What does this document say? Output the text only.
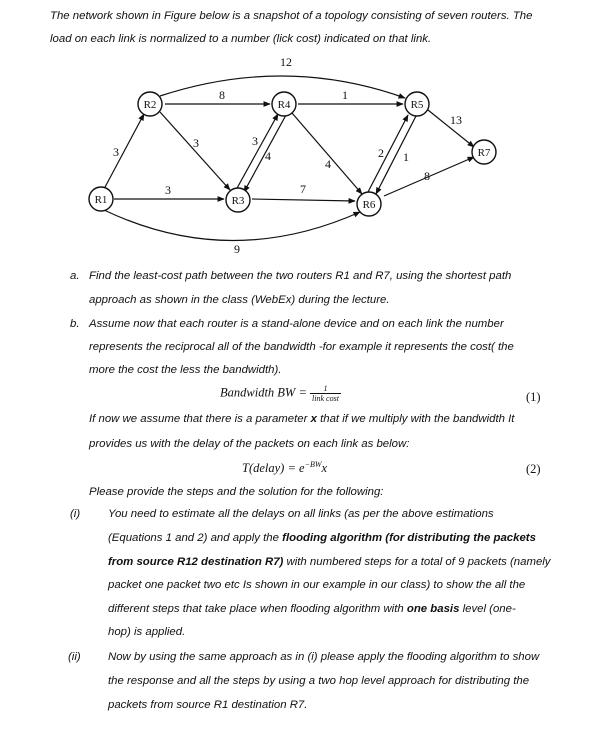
The network shown in Figure below is a snapshot of a topology consisting of seven routers. The
load on each link is normalized to a number (lick cost) indicated on that link.
R1
R2
R3
R4	R5
R6
R7
12
8	1
13
3
3	3
4
4
2 1
8
3	7
9
a. Find the least-cost path between the two routers R1 and R7, using the shortest path
approach as shown in the class (WebEx) during the lecture.
b. Assume now that each router is a stand-alone device and on each link the number
represents the reciprocal all of the bandwidth -for example it represents the cost( the
more the cost the less the bandwidth).
Bandwidth BW = $\frac{1}{\text{link cost}}$	(1)
If now we assume that there is a parameter x that if we multiply with the bandwidth It
provides us with the delay of the packets on each link as below:
T(delay) = $e^{-BW}x$	(2)
Please provide the steps and the solution for the following:
(i) You need to estimate all the delays on all links (as per the above estimations
(Equations 1 and 2) and apply the flooding algorithm (for distributing the packets
from source R12 destination R7) with numbered steps for a total of 9 packets (namely
packet one packet two etc Is shown in our example in our class) to show the all the
different steps that take place when flooding algorithm with one basis level (one-
hop) is applied.
(ii) Now by using the same approach as in (i) please apply the flooding algorithm to show
the response and all the steps by using a two hop level approach for distributing the
packets from source R1 destination R7.
